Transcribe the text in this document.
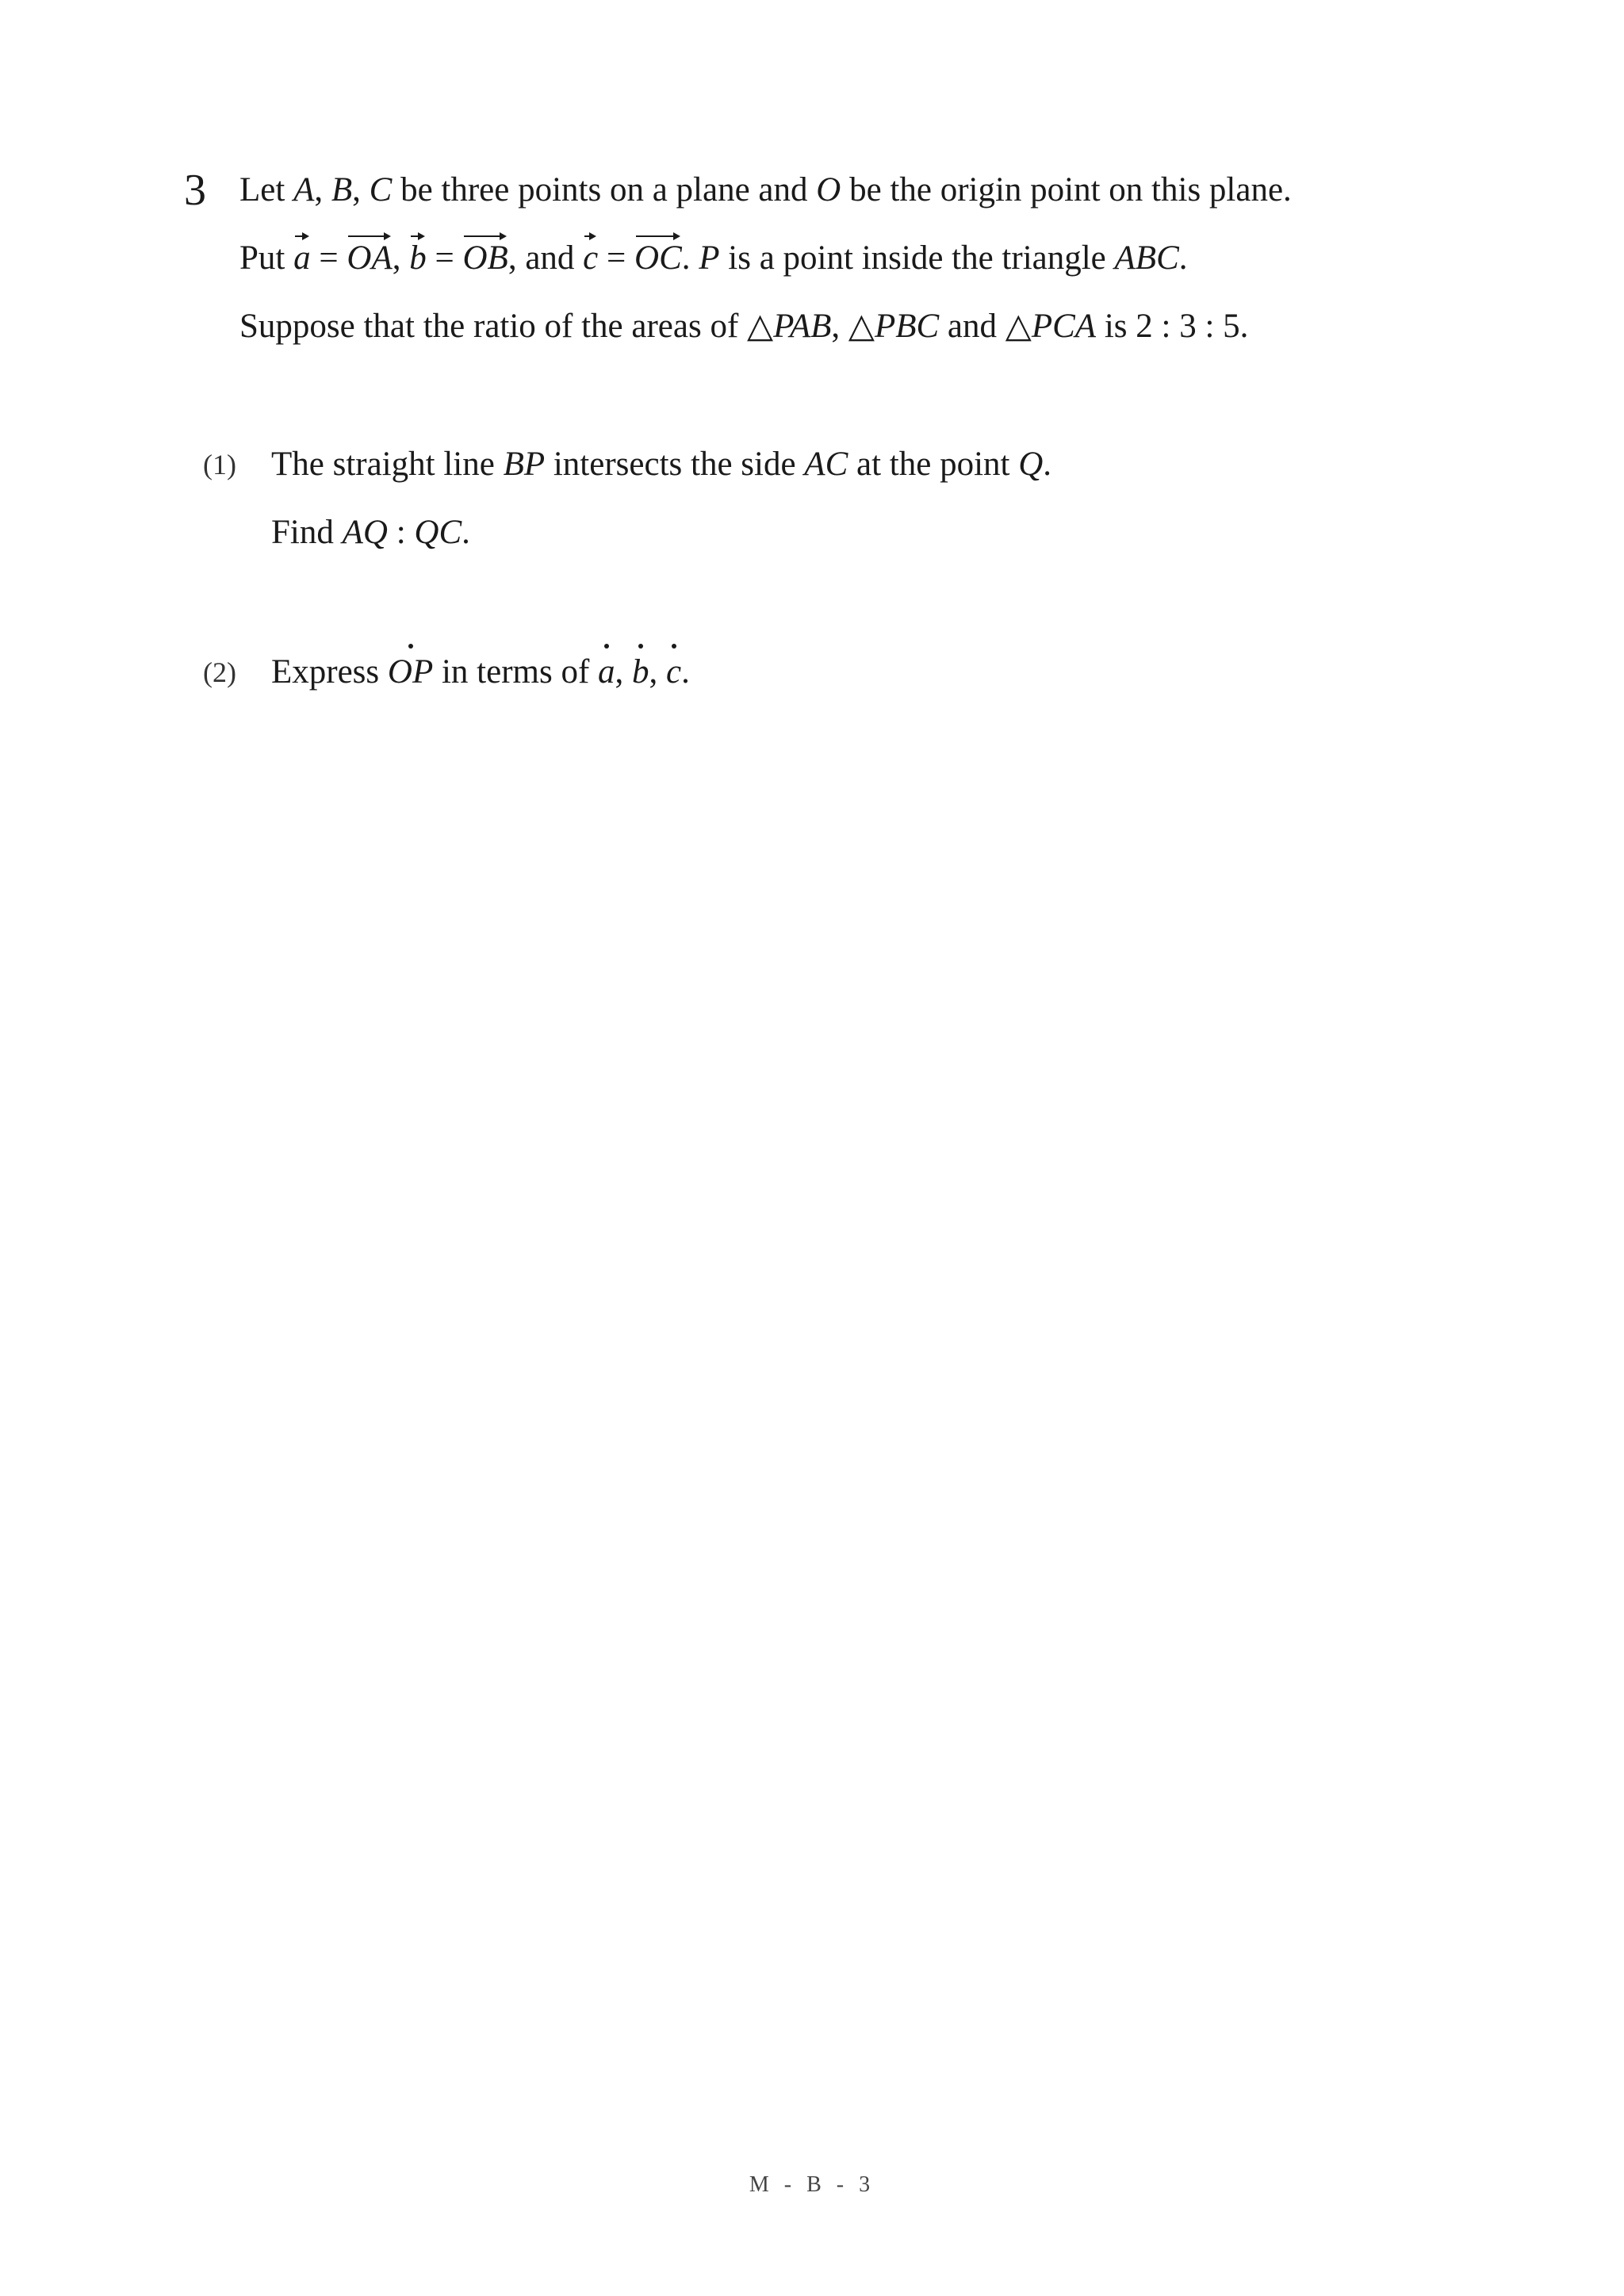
3 Let A, B, C be three points on a plane and O be the origin point on this plane.
Put
a =
OA,
b =
OB, and
c =
OC. P is a point inside the triangle ABC.
Suppose that the ratio of the areas of △PAB, △PBC and △PCA is 2 : 3 : 5.
(1) The straight line BP intersects the side AC at the point Q.
Find AQ : QC.
(2) Express
OP in terms of
a,
b,
c.
M - B - 3
